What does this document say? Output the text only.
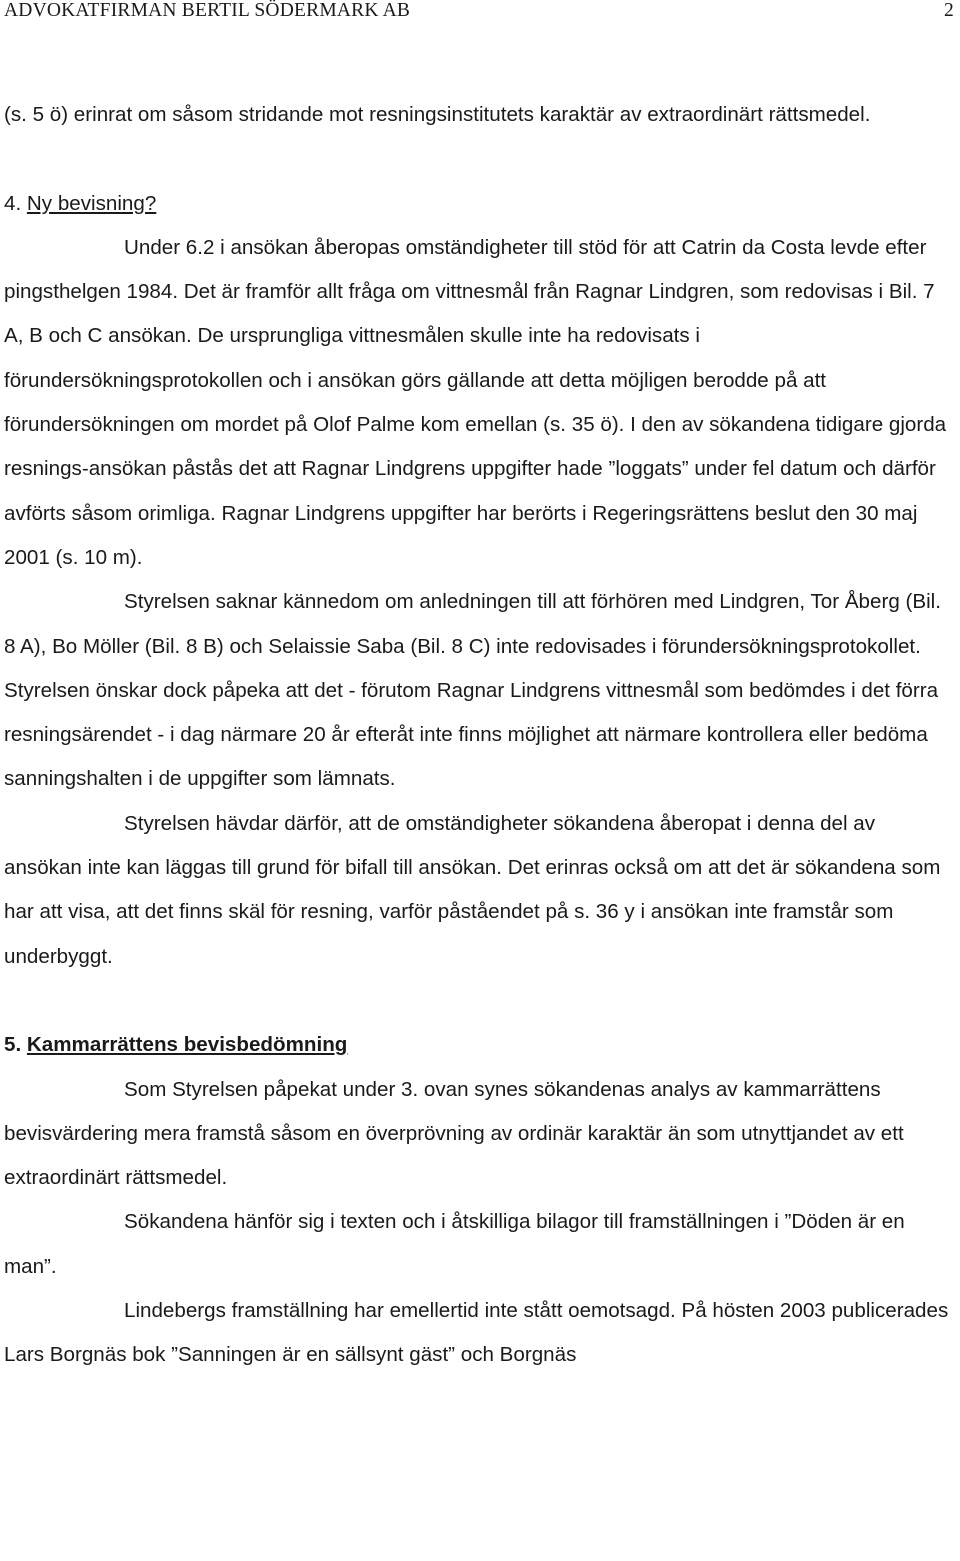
ADVOKATFIRMAN BERTIL SÖDERMARK AB	2

(s. 5 ö) erinrat om såsom stridande mot resningsinstitutets karaktär av extraordinärt rättsmedel.

4. Ny bevisning?

Under 6.2 i ansökan åberopas omständigheter till stöd för att Catrin da Costa levde efter pingsthelgen 1984. Det är framför allt fråga om vittnesmål från Ragnar Lindgren, som redovisas i Bil. 7 A, B och C ansökan. De ursprungliga vittnesmålen skulle inte ha redovisats i förundersökningsprotokollen och i ansökan görs gällande att detta möjligen berodde på att förundersökningen om mordet på Olof Palme kom emellan (s. 35 ö). I den av sökandena tidigare gjorda resnings-ansökan påstås det att Ragnar Lindgrens uppgifter hade ”loggats” under fel datum och därför avförts såsom orimliga. Ragnar Lindgrens uppgifter har berörts i Regeringsrättens beslut den 30 maj 2001 (s. 10 m).

Styrelsen saknar kännedom om anledningen till att förhören med Lindgren, Tor Åberg (Bil. 8 A), Bo Möller (Bil. 8 B) och Selaissie Saba (Bil. 8 C) inte redovisades i förundersökningsprotokollet. Styrelsen önskar dock påpeka att det - förutom Ragnar Lindgrens vittnesmål som bedömdes i det förra resningsärendet - i dag närmare 20 år efteråt inte finns möjlighet att närmare kontrollera eller bedöma sanningshalten i de uppgifter som lämnats.

Styrelsen hävdar därför, att de omständigheter sökandena åberopat i denna del av ansökan inte kan läggas till grund för bifall till ansökan. Det erinras också om att det är sökandena som har att visa, att det finns skäl för resning, varför påståendet på s. 36 y i ansökan inte framstår som underbyggt.

5. Kammarrättens bevisbedömning

Som Styrelsen påpekat under 3. ovan synes sökandenas analys av kammarrättens bevisvärdering mera framstå såsom en överprövning av ordinär karaktär än som utnyttjandet av ett extraordinärt rättsmedel.

Sökandena hänför sig i texten och i åtskilliga bilagor till framställningen i ”Döden är en man”.

Lindebergs framställning har emellertid inte stått oemotsagd. På hösten 2003 publicerades Lars Borgnäs bok ”Sanningen är en sällsynt gäst” och Borgnäs
